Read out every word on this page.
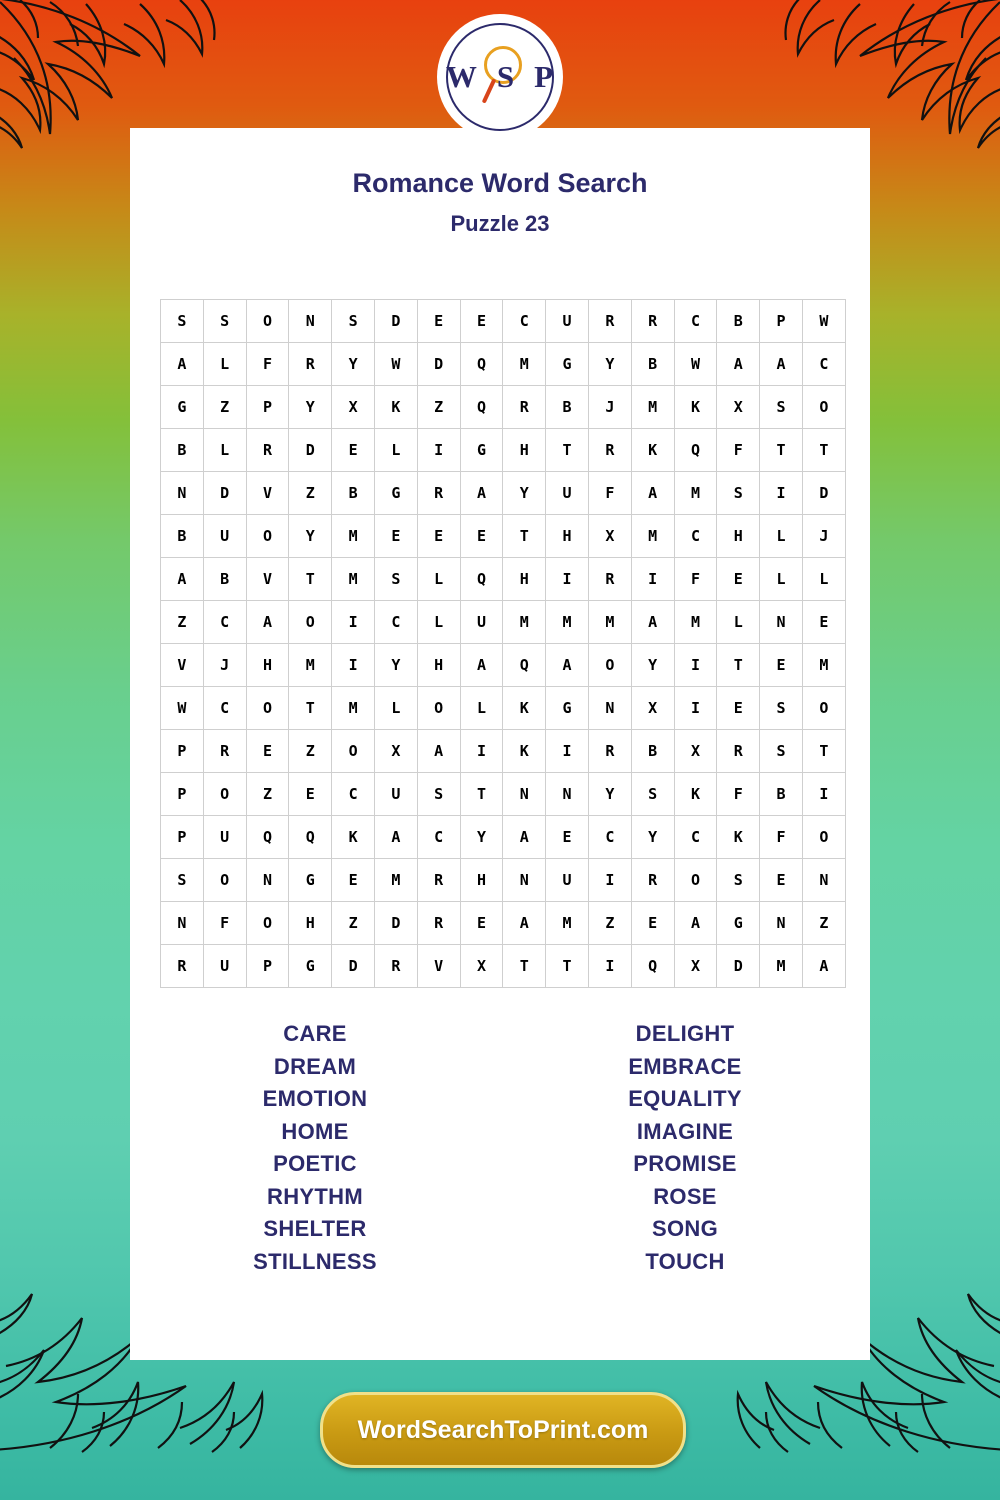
W S P
Romance Word Search
Puzzle 23
S	S	O	N	S	D	E	E	C	U	R	R	C	B	P	W
A	L	F	R	Y	W	D	Q	M	G	Y	B	W	A	A	C
G	Z	P	Y	X	K	Z	Q	R	B	J	M	K	X	S	O
B	L	R	D	E	L	I	G	H	T	R	K	Q	F	T	T
N	D	V	Z	B	G	R	A	Y	U	F	A	M	S	I	D
B	U	O	Y	M	E	E	E	T	H	X	M	C	H	L	J
A	B	V	T	M	S	L	Q	H	I	R	I	F	E	L	L
Z	C	A	O	I	C	L	U	M	M	M	A	M	L	N	E
V	J	H	M	I	Y	H	A	Q	A	O	Y	I	T	E	M
W	C	O	T	M	L	O	L	K	G	N	X	I	E	S	O
P	R	E	Z	O	X	A	I	K	I	R	B	X	R	S	T
P	O	Z	E	C	U	S	T	N	N	Y	S	K	F	B	I
P	U	Q	Q	K	A	C	Y	A	E	C	Y	C	K	F	O
S	O	N	G	E	M	R	H	N	U	I	R	O	S	E	N
N	F	O	H	Z	D	R	E	A	M	Z	E	A	G	N	Z
R	U	P	G	D	R	V	X	T	T	I	Q	X	D	M	A
CARE
DREAM
EMOTION
HOME
POETIC
RHYTHM
SHELTER
STILLNESS
DELIGHT
EMBRACE
EQUALITY
IMAGINE
PROMISE
ROSE
SONG
TOUCH
WordSearchToPrint.com
